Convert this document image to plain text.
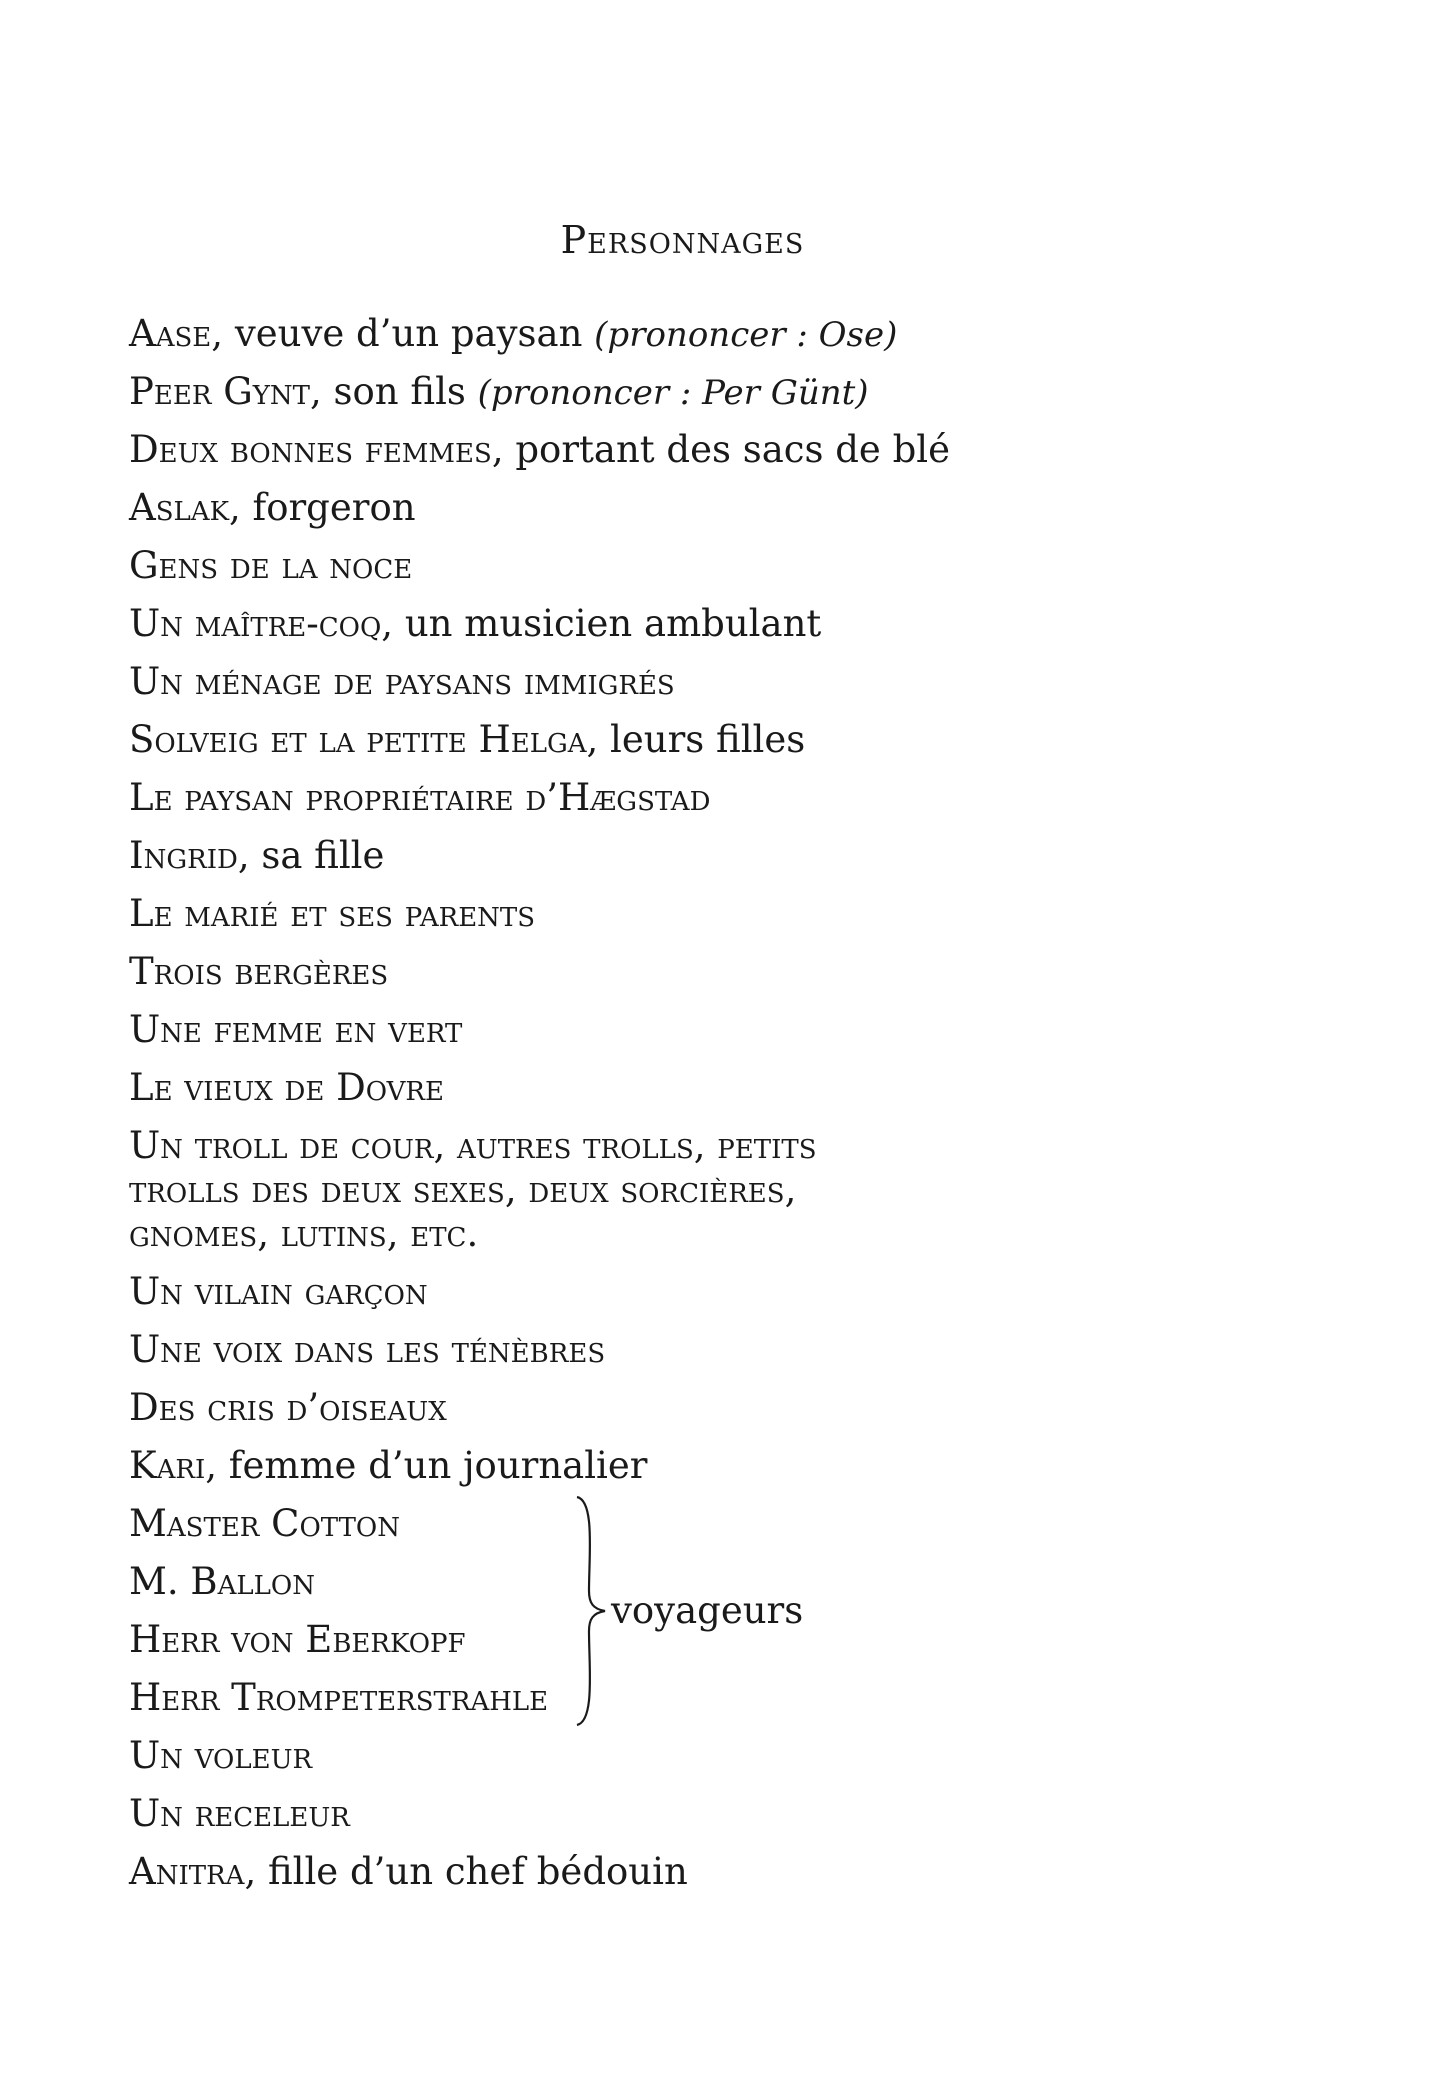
Personnages
Aase, veuve d’un paysan (prononcer : Ose)
Peer Gynt, son fils (prononcer : Per Günt)
Deux bonnes femmes, portant des sacs de blé
Aslak, forgeron
Gens de la noce
Un maître-coq, un musicien ambulant
Un ménage de paysans immigrés
Solveig et la petite Helga, leurs filles
Le paysan propriétaire d’Hægstad
Ingrid, sa fille
Le marié et ses parents
Trois bergères
Une femme en vert
Le vieux de Dovre
Un troll de cour, autres trolls, petits trolls des deux sexes, deux sorcières, gnomes, lutins, etc.
Un vilain garçon
Une voix dans les ténèbres
Des cris d’oiseaux
Kari, femme d’un journalier
Master Cotton
M. Ballon
Herr von Eberkopf
Herr Trompeterstrahle
voyageurs
Un voleur
Un receleur
Anitra, fille d’un chef bédouin
